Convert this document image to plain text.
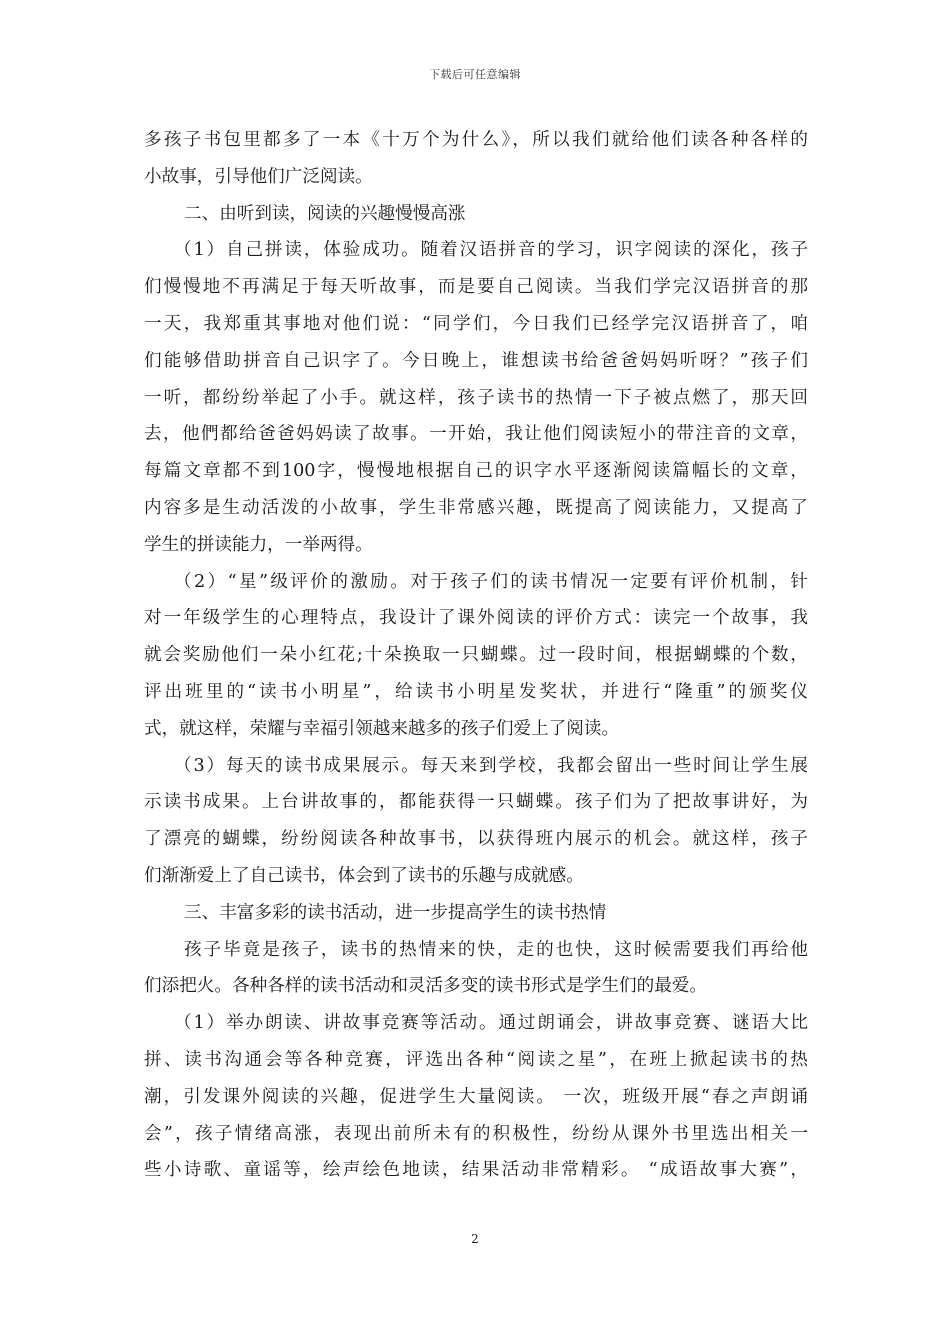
下载后可任意编辑
多孩子书包里都多了一本《十万个为什么》，所以我们就给他们读各种各样的
小故事，引导他们广泛阅读。
二、由听到读，阅读的兴趣慢慢高涨
（1）自己拼读，体验成功。随着汉语拼音的学习，识字阅读的深化，孩子
们慢慢地不再满足于每天听故事，而是要自己阅读。当我们学完汉语拼音的那
一天，我郑重其事地对他们说：“同学们，今日我们已经学完汉语拼音了，咱
们能够借助拼音自己识字了。今日晚上，谁想读书给爸爸妈妈听呀？”孩子们
一听，都纷纷举起了小手。就这样，孩子读书的热情一下子被点燃了，那天回
去，他們都给爸爸妈妈读了故事。一开始，我让他们阅读短小的带注音的文章，
每篇文章都不到100字，慢慢地根据自己的识字水平逐渐阅读篇幅长的文章，
内容多是生动活泼的小故事，学生非常感兴趣，既提高了阅读能力，又提高了
学生的拼读能力，一举两得。
（2）“星”级评价的激励。对于孩子们的读书情况一定要有评价机制，针
对一年级学生的心理特点，我设计了课外阅读的评价方式：读完一个故事，我
就会奖励他们一朵小红花;十朵换取一只蝴蝶。过一段时间，根据蝴蝶的个数，
评出班里的“读书小明星”，给读书小明星发奖状，并进行“隆重”的颁奖仪
式，就这样，荣耀与幸福引领越来越多的孩子们爱上了阅读。
（3）每天的读书成果展示。每天来到学校，我都会留出一些时间让学生展
示读书成果。上台讲故事的，都能获得一只蝴蝶。孩子们为了把故事讲好，为
了漂亮的蝴蝶，纷纷阅读各种故事书，以获得班内展示的机会。就这样，孩子
们渐渐爱上了自己读书，体会到了读书的乐趣与成就感。
三、丰富多彩的读书活动，进一步提高学生的读书热情
孩子毕竟是孩子，读书的热情来的快，走的也快，这时候需要我们再给他
们添把火。各种各样的读书活动和灵活多变的读书形式是学生们的最爱。
（1）举办朗读、讲故事竞赛等活动。通过朗诵会，讲故事竞赛、谜语大比
拼、读书沟通会等各种竞赛，评选出各种“阅读之星”，在班上掀起读书的热
潮，引发课外阅读的兴趣，促进学生大量阅读。 一次，班级开展“春之声朗诵
会”，孩子情绪高涨，表现出前所未有的积极性，纷纷从课外书里选出相关一
些小诗歌、童谣等，绘声绘色地读，结果活动非常精彩。 “成语故事大赛”，
2
